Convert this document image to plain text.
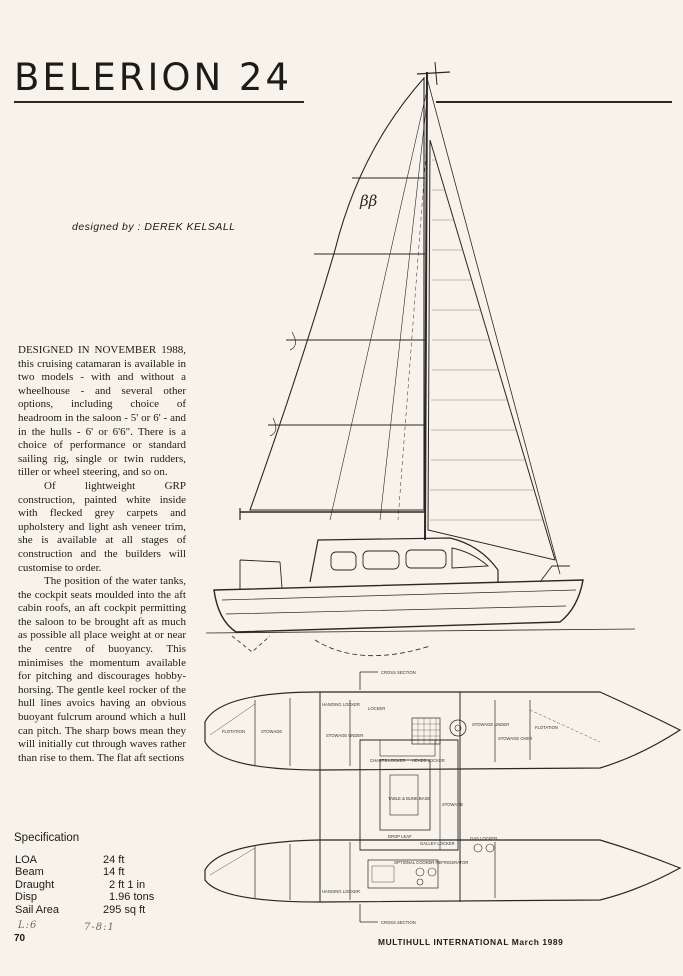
BELERION 24
designed by : DEREK KELSALL
ββ
CROSS SECTION
CROSS SECTION
HANGING LOCKER
LOCKER
FLOTATION	STOWAGE
STOWAGE UNDER
STOWAGE UNDER
FLOTATION
STOWAGE OVER
CHARTS LOCKER HEADS LOCKER
TABLE & BUNK BASE
STOWAGE
DROP LEAF
GALLEY LOCKER
GAS LOCKER
HANGING LOCKER
OPTIONAL COOKER REFRIGERATOR

DESIGNED IN NOVEMBER 1988, this cruising catamaran is available in two models - with and without a wheelhouse - and several other options, including choice of headroom in the saloon - 5' or 6' - and in the hulls - 6' or 6'6". There is a choice of performance or standard sailing rig, single or twin rudders, tiller or wheel steering, and so on.

Of lightweight GRP construction, painted white inside with flecked grey carpets and upholstery and light ash veneer trim, she is available at all stages of construction and the builders will customise to order.

The position of the water tanks, the cockpit seats moulded into the aft cabin roofs, an aft cockpit permitting the saloon to be brought aft as much as possible all place weight at or near the centre of buoyancy. This minimises the momentum available for pitching and discourages hobby-horsing. The gentle keel rocker of the hull lines avoics having an obvious buoyant fulcrum around which a hull can pitch. The sharp bows mean they will initially cut through waves rather than rise to them. The flat aft sections

Specification
LOA	24 ft
Beam	14 ft
Draught	2 ft 1 in
Disp	1.96 tons
Sail Area	295 sq ft
L:6	7-8:1
70	MULTIHULL INTERNATIONAL March 1989
